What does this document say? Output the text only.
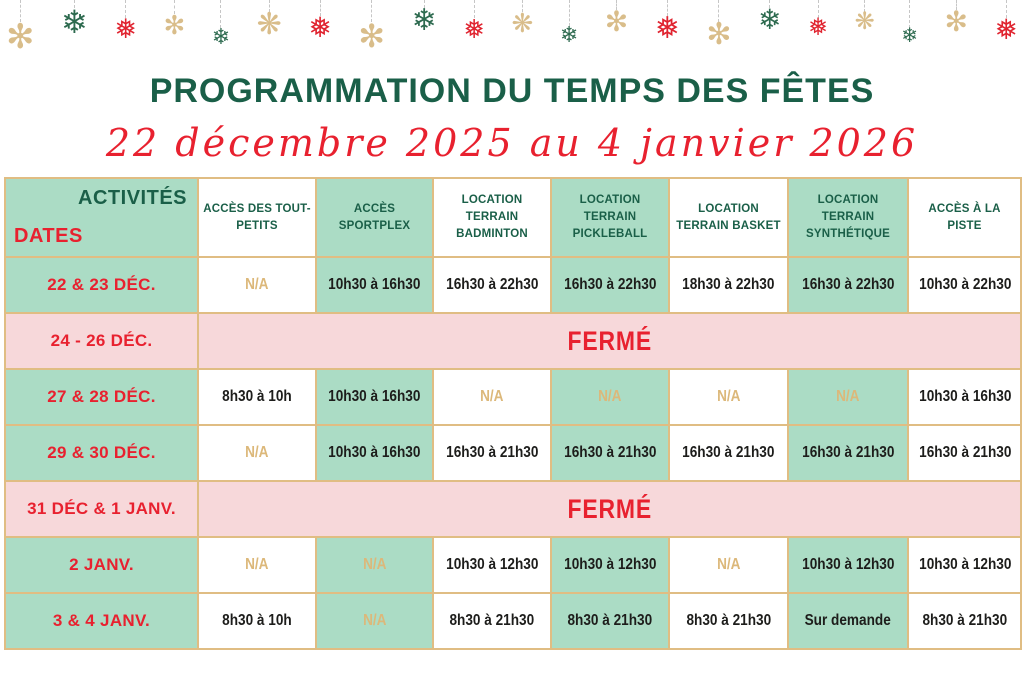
✻ ❄ ❅ ✻ ❄ ❋ ❅ ✻ ❄ ❅ ❋ ❄ ✻ ❅ ✻ ❄ ❅ ❋
❄ ✻ ❅
PROGRAMMATION DU TEMPS DES FÊTES
22 décembre 2025 au 4 janvier 2026
ACTIVITÉS
DATES	ACCÈS DES TOUT-PETITS	ACCÈS SPORTPLEX	LOCATION TERRAIN BADMINTON	LOCATION TERRAIN PICKLEBALL	LOCATION TERRAIN BASKET	LOCATION TERRAIN SYNTHÉTIQUE	ACCÈS À LA PISTE
22 & 23 DÉC.	N/A	10h30 à 16h30	16h30 à 22h30	16h30 à 22h30	18h30 à 22h30	16h30 à 22h30	10h30 à 22h30
24 - 26 DÉC.	FERMÉ						
27 & 28 DÉC.	8h30 à 10h	10h30 à 16h30	N/A	N/A	N/A	N/A	10h30 à 16h30
29 & 30 DÉC.	N/A	10h30 à 16h30	16h30 à 21h30	16h30 à 21h30	16h30 à 21h30	16h30 à 21h30	16h30 à 21h30
31 DÉC & 1 JANV.	FERMÉ						
2 JANV.	N/A	N/A	10h30 à 12h30	10h30 à 12h30	N/A	10h30 à 12h30	10h30 à 12h30
3 & 4 JANV.	8h30 à 10h	N/A	8h30 à 21h30	8h30 à 21h30	8h30 à 21h30	Sur demande	8h30 à 21h30
